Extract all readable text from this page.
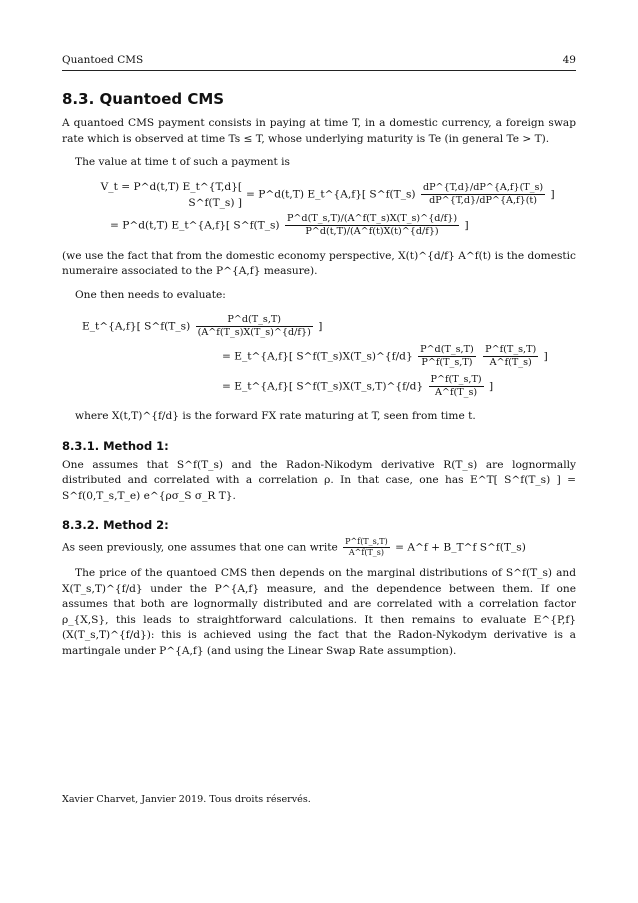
Quantoed CMS	49
8.3. Quantoed CMS

A quantoed CMS payment consists in paying at time T, in a domestic currency, a foreign swap rate which is observed at time Ts ≤ T, whose underlying maturity is Te (in general Te > T).

The value at time t of such a payment is

V_t = P^d(t,T) E_t^{T,d}[ S^f(T_s) ]
= P^d(t,T) E_t^{A,f}[ S^f(T_s) $\frac{dP\^{}\{T,d\}/dP\^{}\{A,f\}(T\_s)}{dP\^{}\{T,d\}/dP\^{}\{A,f\}(t)}$ ]
= P^d(t,T) E_t^{A,f}[ S^f(T_s) $\frac{P\^{}d(T\_s,T)/(A\^{}f(T\_s)X(T\_s)\^{}\{d/f\})}{P\^{}d(t,T)/(A\^{}f(t)X(t)\^{}\{d/f\})}$ ]

(we use the fact that from the domestic economy perspective, X(t)^{d/f} A^f(t) is the domestic numeraire associated to the P^{A,f} measure).

One then needs to evaluate:

E_t^{A,f}[ S^f(T_s) $\frac{P\^{}d(T\_s,T)}{(A\^{}f(T\_s)X(T\_s)\^{}\{d/f\})}$ ]
= E_t^{A,f}[ S^f(T_s)X(T_s)^{f/d} $\frac{P\^{}d(T\_s,T)}{P\^{}f(T\_s,T)}$
$\frac{P\^{}f(T\_s,T)}{A\^{}f(T\_s)}$ ]
= E_t^{A,f}[ S^f(T_s)X(T_s,T)^{f/d} $\frac{P\^{}f(T\_s,T)}{A\^{}f(T\_s)}$ ]

where X(t,T)^{f/d} is the forward FX rate maturing at T, seen from time t.

8.3.1. Method 1:

One assumes that S^f(T_s) and the Radon-Nikodym derivative R(T_s) are lognormally distributed and correlated with a correlation ρ. In that case, one has E^T[ S^f(T_s) ] = S^f(0,T_s,T_e) e^{ρσ_S σ_R T}.

8.3.2. Method 2:

As seen previously, one assumes that one can write $\frac{P\^{}f(T\_s,T)}{A\^{}f(T\_s)}$ = A^f + B_T^f S^f(T_s)

The price of the quantoed CMS then depends on the marginal distributions of S^f(T_s) and X(T_s,T)^{f/d} under the P^{A,f} measure, and the dependence between them. If one assumes that both are lognormally distributed and are correlated with a correlation factor ρ_{X,S}, this leads to straightforward calculations. It then remains to evaluate E^{P,f}(X(T_s,T)^{f/d}): this is achieved using the fact that the Radon-Nykodym derivative is a martingale under P^{A,f} (and using the Linear Swap Rate assumption).

Xavier Charvet, Janvier 2019. Tous droits réservés.
